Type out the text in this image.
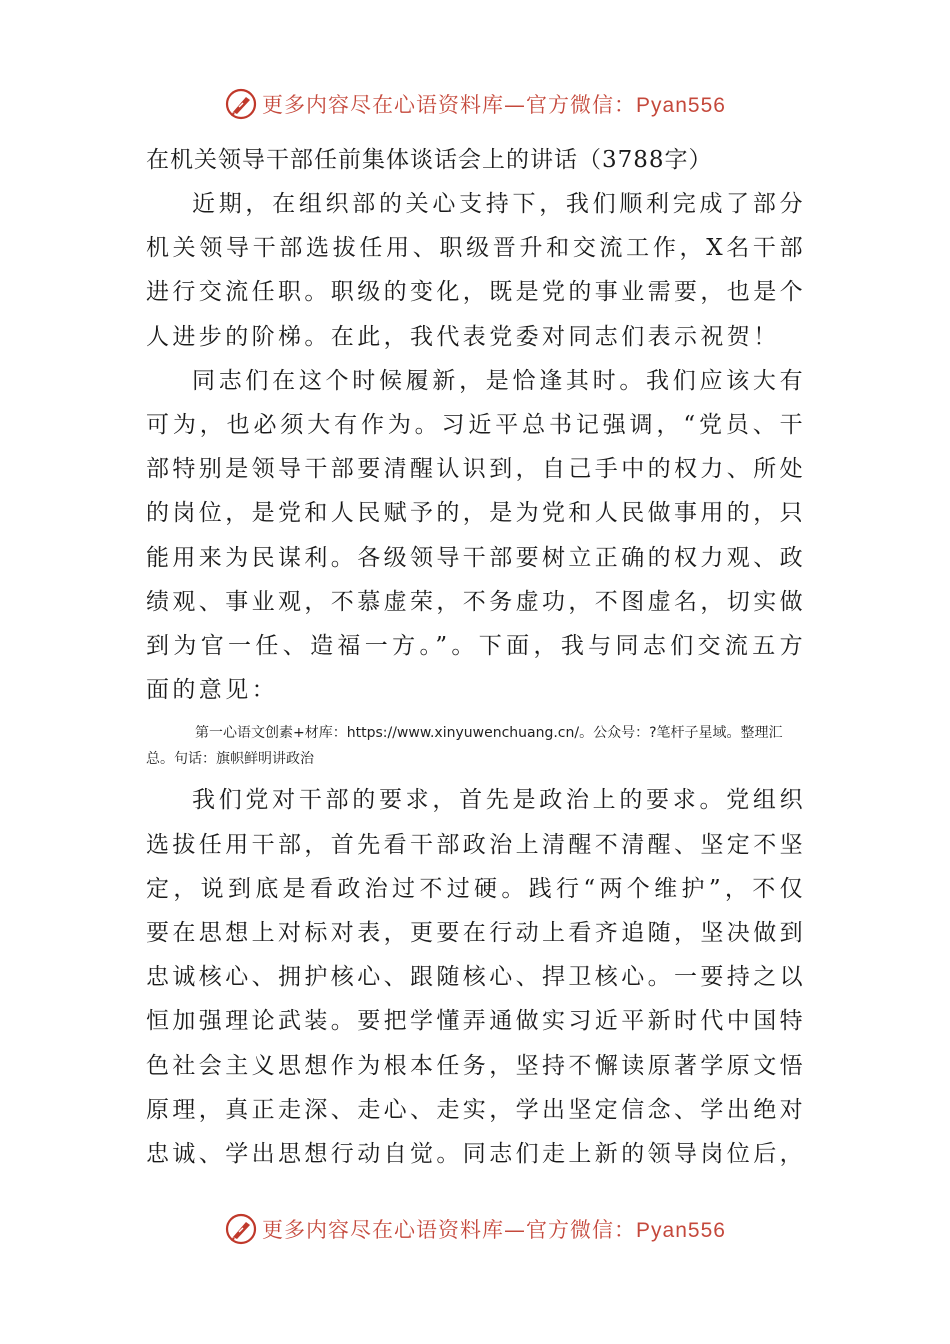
更多内容尽在心语资料库—官方微信：Pyan556

在机关领导干部任前集体谈话会上的讲话（3788字）

近期，在组织部的关心支持下，我们顺利完成了部分机关领导干部选拔任用、职级晋升和交流工作，X名干部进行交流任职。职级的变化，既是党的事业需要，也是个人进步的阶梯。在此，我代表党委对同志们表示祝贺！

同志们在这个时候履新，是恰逢其时。我们应该大有可为，也必须大有作为。习近平总书记强调，“党员、干部特别是领导干部要清醒认识到，自己手中的权力、所处的岗位，是党和人民赋予的，是为党和人民做事用的，只能用来为民谋利。各级领导干部要树立正确的权力观、政绩观、事业观，不慕虚荣，不务虚功，不图虚名，切实做到为官一任、造福一方。”。下面，我与同志们交流五方面的意见：

第一心语文创素+材库：https://www.xinyuwenchuang.cn/。公众号：?笔杆子星域。整理汇总。句话：旗帜鲜明讲政治

我们党对干部的要求，首先是政治上的要求。党组织选拔任用干部，首先看干部政治上清醒不清醒、坚定不坚定，说到底是看政治过不过硬。践行“两个维护”，不仅要在思想上对标对表，更要在行动上看齐追随，坚决做到忠诚核心、拥护核心、跟随核心、捍卫核心。一要持之以恒加强理论武装。要把学懂弄通做实习近平新时代中国特色社会主义思想作为根本任务，坚持不懈读原著学原文悟原理，真正走深、走心、走实，学出坚定信念、学出绝对忠诚、学出思想行动自觉。同志们走上新的领导岗位后，

更多内容尽在心语资料库—官方微信：Pyan556
